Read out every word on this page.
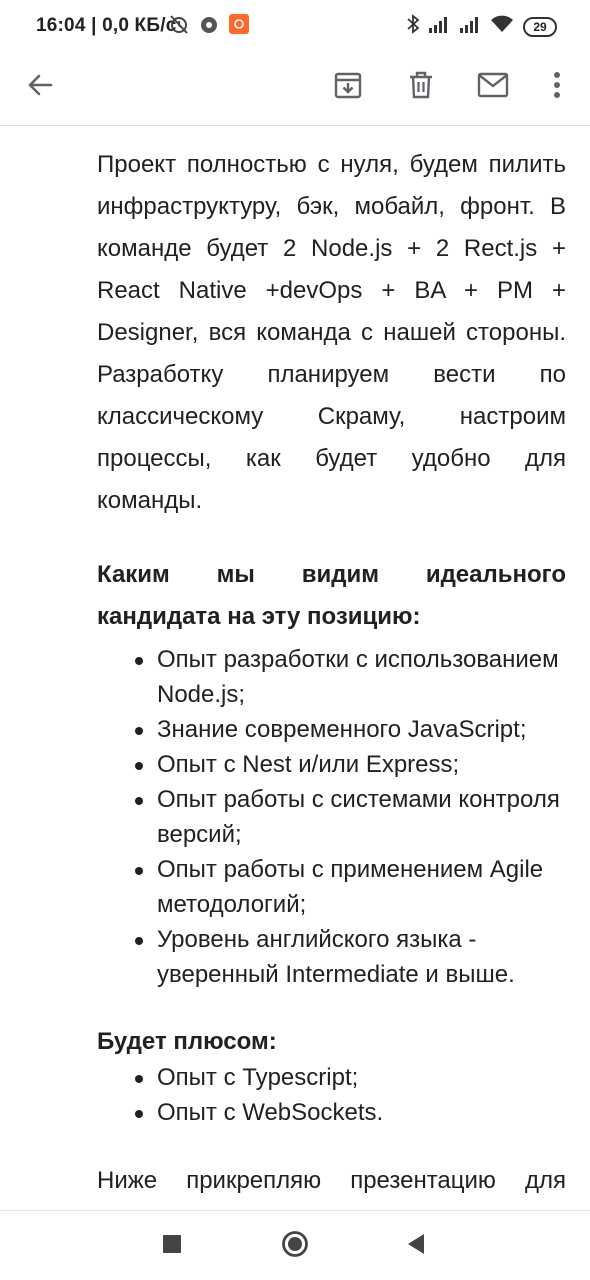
16:04 | 0,0 КБ/с	29

Проект полностью с нуля, будем пилить инфраструктуру, бэк, мобайл, фронт. В команде будет 2 Node.js + 2 Rect.js + React Native +devOps + BA + PM + Designer, вся команда с нашей стороны. Разработку планируем вести по классическому Скраму, настроим процессы, как будет удобно для команды.

Каким мы видим идеального кандидата на эту позицию:

Опыт разработки с использованием Node.js;
Знание современного JavaScript;
Опыт с Nest и/или Express;
Опыт работы с системами контроля версий;
Опыт работы с применением Agile методологий;
Уровень английского языка - уверенный Intermediate и выше.

Будет плюсом:

Опыт с Typescript;
Опыт с WebSockets.

Ниже прикрепляю презентацию для
